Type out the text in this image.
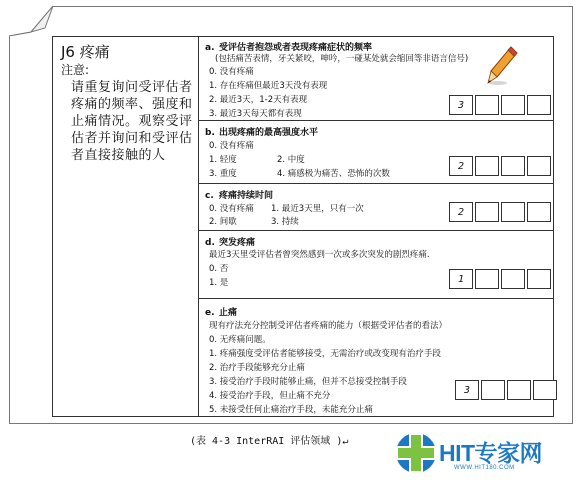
J6 疼痛
注意:
请重复询问受评估者疼痛的频率、强度和止痛情况。观察受评估者并询问和受评估者直接接触的人
a. 受评估者抱怨或者表现疼痛症状的频率
(包括痛苦表情，牙关紧咬，呻吟，一碰某处就会缩回等非语言信号)
0. 没有疼痛
1. 存在疼痛但最近3天没有表现
2. 最近3天，1-2天有表现
3. 最近3天每天都有表现
3
b. 出现疼痛的最高强度水平
0. 没有疼痛
1. 轻度	2. 中度
3. 重度	4. 痛感极为痛苦、恐怖的次数
2
c. 疼痛持续时间
0. 没有疼痛 1. 最近3天里，只有一次
2. 间歇	3. 持续
2
d. 突发疼痛
最近3天里受评估者曾突然感到一次或多次突发的剧烈疼痛.
0. 否
1. 是	1
e. 止痛
现有疗法充分控制受评估者疼痛的能力（根据受评估者的看法）
0. 无疼痛问题。
1. 疼痛强度受评估者能够接受，无需治疗或改变现有治疗手段
2. 治疗手段能够充分止痛
3. 接受治疗手段时能够止痛，但并不总接受控制手段
4. 接受治疗手段，但止痛不充分
5. 未接受任何止痛治疗手段，未能充分止痛
3
(表 4-3 InterRAI 评估领域 )↵	HIT专家网
WWW.HIT180.COM
